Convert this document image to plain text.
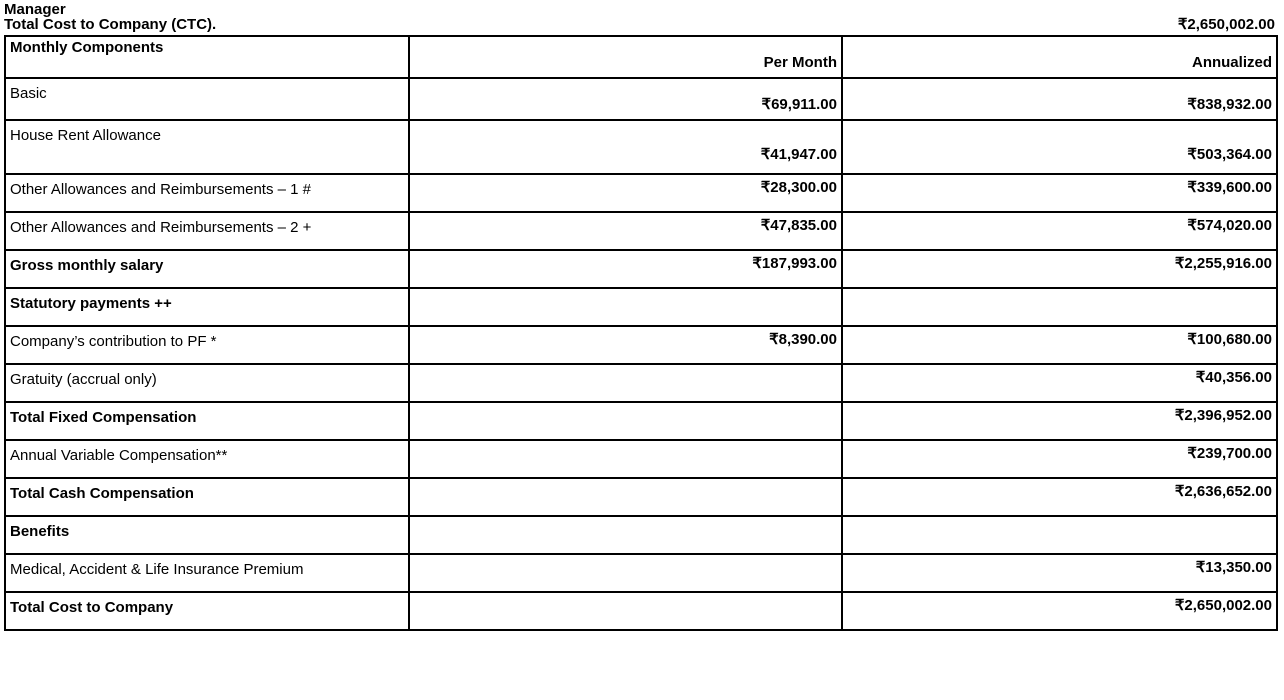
Manager
Total Cost to Company (CTC).	₹2,650,002.00
Monthly Components	Per Month	Annualized
Basic	₹69,911.00	₹838,932.00
House Rent Allowance	₹41,947.00	₹503,364.00
Other Allowances and Reimbursements – 1 #	₹28,300.00	₹339,600.00
Other Allowances and Reimbursements – 2 +	₹47,835.00	₹574,020.00
Gross monthly salary	₹187,993.00	₹2,255,916.00
Statutory payments ++		
Company’s contribution to PF *	₹8,390.00	₹100,680.00
Gratuity (accrual only)		₹40,356.00
Total Fixed Compensation		₹2,396,952.00
Annual Variable Compensation**		₹239,700.00
Total Cash Compensation		₹2,636,652.00
Benefits		
Medical, Accident & Life Insurance Premium		₹13,350.00
Total Cost to Company		₹2,650,002.00
